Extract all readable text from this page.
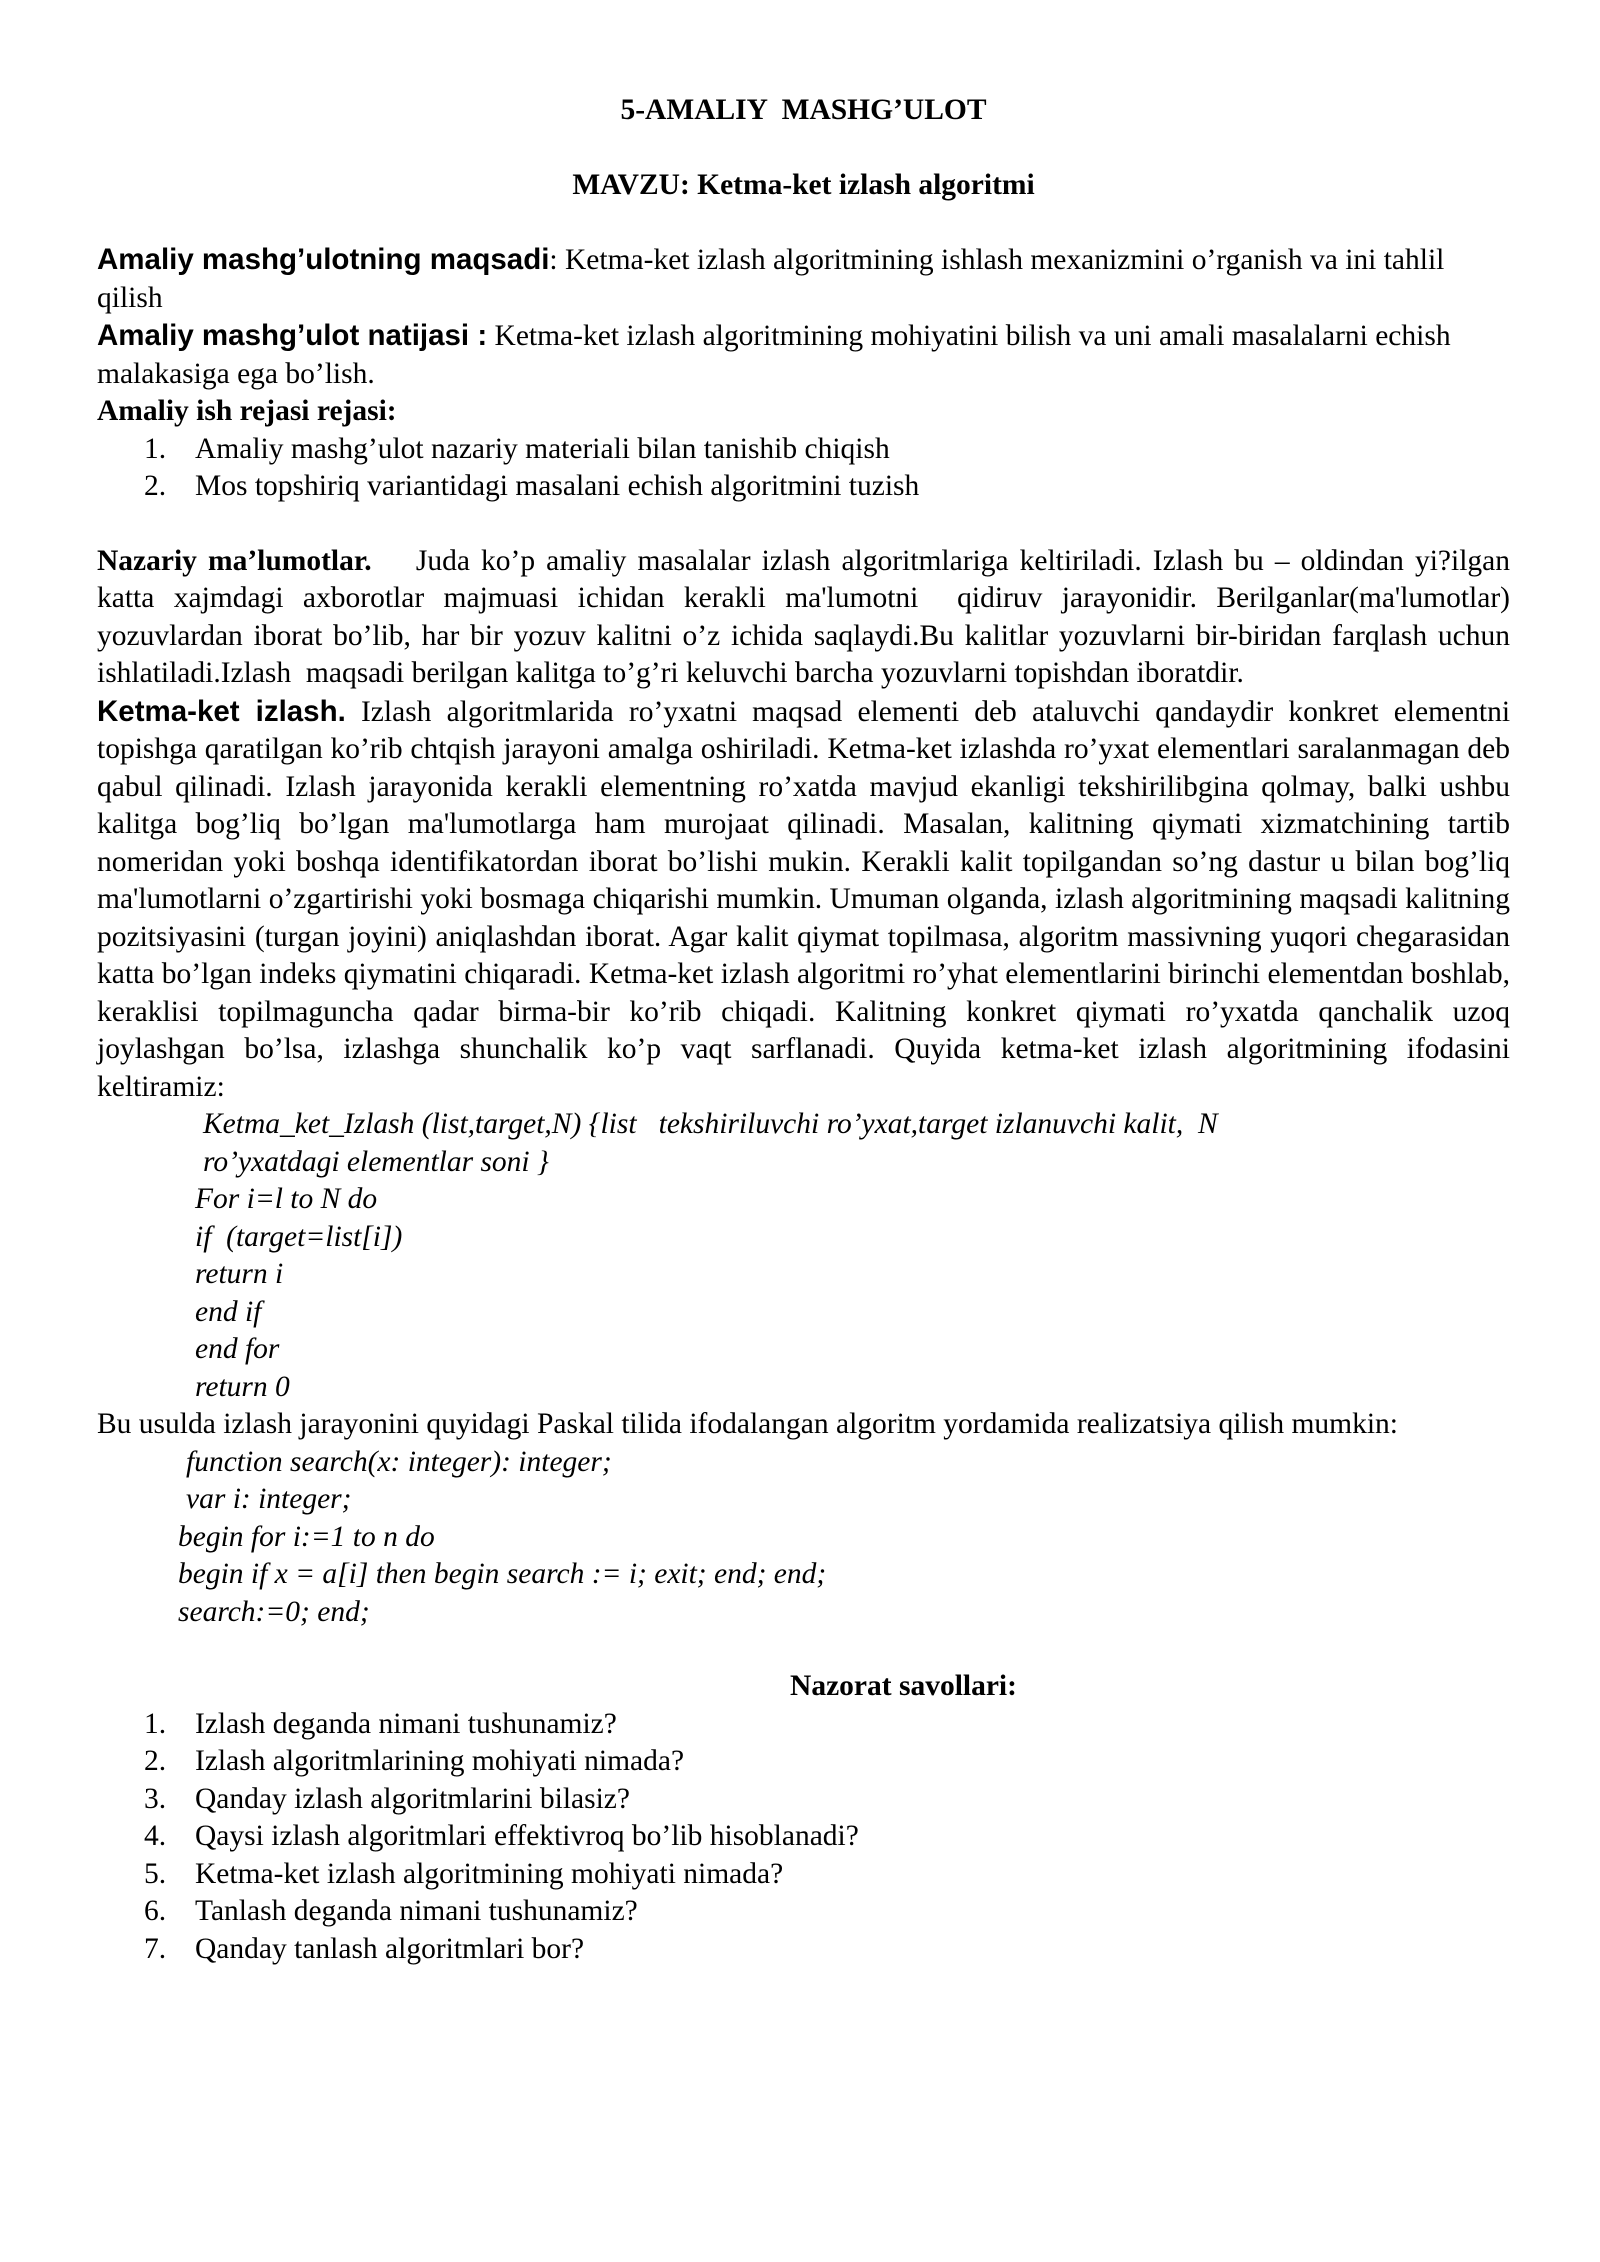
5-AMALIY  MASHG’ULOT

MAVZU: Ketma-ket izlash algoritmi

Amaliy mashg’ulotning maqsadi: Ketma-ket izlash algoritmining ishlash mexanizmini o’rganish va ini tahlil qilish

Amaliy mashg’ulot natijasi : Ketma-ket izlash algoritmining mohiyatini bilish va uni amali masalalarni echish malakasiga ega bo’lish.

Amaliy ish rejasi rejasi:

1. Amaliy mashg’ulot nazariy materiali bilan tanishib chiqish
2. Mos topshiriq variantidagi masalani echish algoritmini tuzish

Nazariy ma’lumotlar.    Juda ko’p amaliy masalalar izlash algoritmlariga keltiriladi. Izlash bu – oldindan yi?ilgan katta xajmdagi axborotlar majmuasi ichidan kerakli ma'lumotni  qidiruv jarayonidir. Berilganlar(ma'lumotlar) yozuvlardan iborat bo’lib, har bir yozuv kalitni o’z ichida saqlaydi.Bu kalitlar yozuvlarni bir-biridan farqlash uchun ishlatiladi.Izlash  maqsadi berilgan kalitga to’g’ri keluvchi barcha yozuvlarni topishdan iboratdir.

Ketma-ket izlash. Izlash algoritmlarida ro’yxatni maqsad elementi deb ataluvchi qandaydir konkret elementni topishga qaratilgan ko’rib chtqish jarayoni amalga oshiriladi. Ketma-ket izlashda ro’yxat elementlari saralanmagan deb qabul qilinadi. Izlash jarayonida kerakli elementning ro’xatda mavjud ekanligi tekshirilibgina qolmay, balki ushbu kalitga bog’liq bo’lgan ma'lumotlarga ham murojaat qilinadi. Masalan, kalitning qiymati xizmatchining tartib nomeridan yoki boshqa identifikatordan iborat bo’lishi mukin. Kerakli kalit topilgandan so’ng dastur u bilan bog’liq ma'lumotlarni o’zgartirishi yoki bosmaga chiqarishi mumkin. Umuman olganda, izlash algoritmining maqsadi kalitning pozitsiyasini (turgan joyini) aniqlashdan iborat. Agar kalit qiymat topilmasa, algoritm massivning yuqori chegarasidan katta bo’lgan indeks qiymatini chiqaradi. Ketma-ket izlash algoritmi ro’yhat elementlarini birinchi elementdan boshlab, keraklisi topilmaguncha qadar birma-bir ko’rib chiqadi. Kalitning konkret qiymati ro’yxatda qanchalik uzoq joylashgan bo’lsa, izlashga shunchalik ko’p vaqt sarflanadi. Quyida ketma-ket izlash algoritmining ifodasini keltiramiz:

Ketma_ket_Izlash (list,target,N) {list   tekshiriluvchi ro’yxat,target izlanuvchi kalit,  N

ro’yxatdagi elementlar soni }

For i=l to N do

if  (target=list[i])

return i

end if

end for

return 0

Bu usulda izlash jarayonini quyidagi Paskal tilida ifodalangan algoritm yordamida realizatsiya qilish mumkin:

function search(x: integer): integer;

var i: integer;

begin for i:=1 to n do

begin if x = a[i] then begin search := i; exit; end; end;

search:=0; end;

Nazorat savollari:

1. Izlash deganda nimani tushunamiz?
2. Izlash algoritmlarining mohiyati nimada?
3. Qanday izlash algoritmlarini bilasiz?
4. Qaysi izlash algoritmlari effektivroq bo’lib hisoblanadi?
5. Ketma-ket izlash algoritmining mohiyati nimada?
6. Tanlash deganda nimani tushunamiz?
7. Qanday tanlash algoritmlari bor?
